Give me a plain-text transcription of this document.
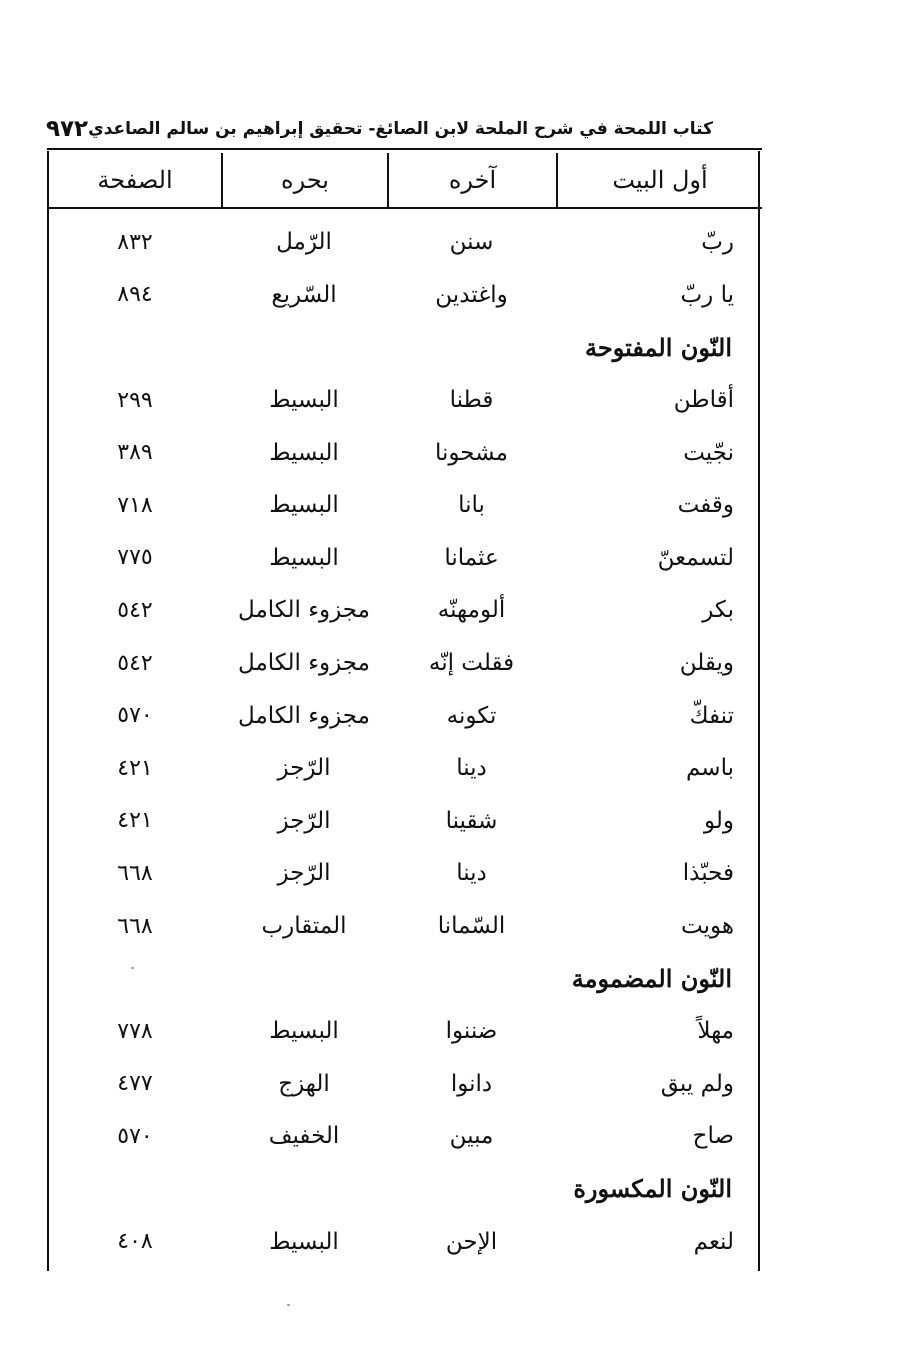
كتاب اللمحة في شرح الملحة لابن الصائغ- تحقيق إبراهيم بن سالم الصاعدي
٩٧٢
أول البيت
آخره
بحره
الصفحة
ربّ
سنن
الرّمل
٨٣٢
يا ربّ
واغتدين
السّريع
٨٩٤
النّون المفتوحة
أقاطن
قطنا
البسيط
٢٩٩
نجّيت
مشحونا
البسيط
٣٨٩
وقفت
بانا
البسيط
٧١٨
لتسمعنّ
عثمانا
البسيط
٧٧٥
بكر
ألومهنّه
مجزوء الكامل
٥٤٢
ويقلن
فقلت إنّه
مجزوء الكامل
٥٤٢
تنفكّ
تكونه
مجزوء الكامل
٥٧٠
باسم
دينا
الرّجز
٤٢١
ولو
شقينا
الرّجز
٤٢١
فحبّذا
دينا
الرّجز
٦٦٨
هويت
السّمانا
المتقارب
٦٦٨
النّون المضمومة
مهلاً
ضننوا
البسيط
٧٧٨
ولم يبق
دانوا
الهزج
٤٧٧
صاح
مبين
الخفيف
٥٧٠
النّون المكسورة
لنعم
الإحن
البسيط
٤٠٨
